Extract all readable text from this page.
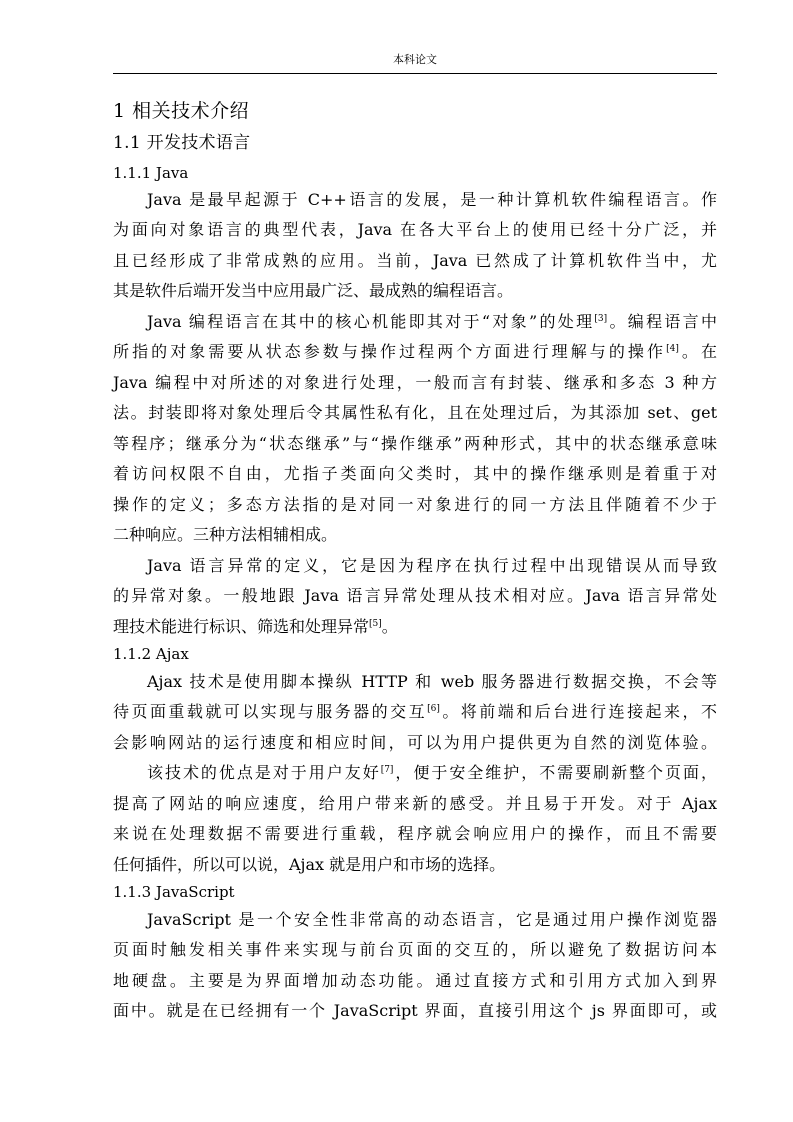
本科论文
1 相关技术介绍
1.1 开发技术语言
1.1.1 Java
Java 是最早起源于 C++语言的发展，是一种计算机软件编程语言。作
为面向对象语言的典型代表，Java 在各大平台上的使用已经十分广泛，并
且已经形成了非常成熟的应用。当前，Java 已然成了计算机软件当中，尤
其是软件后端开发当中应用最广泛、最成熟的编程语言。
Java 编程语言在其中的核心机能即其对于“对象”的处理[3]。编程语言中
所指的对象需要从状态参数与操作过程两个方面进行理解与的操作[4]。在
Java 编程中对所述的对象进行处理，一般而言有封装、继承和多态 3 种方
法。封装即将对象处理后令其属性私有化，且在处理过后，为其添加 set、get
等程序；继承分为“状态继承”与“操作继承”两种形式，其中的状态继承意味
着访问权限不自由，尤指子类面向父类时，其中的操作继承则是着重于对
操作的定义；多态方法指的是对同一对象进行的同一方法且伴随着不少于
二种响应。三种方法相辅相成。
Java 语言异常的定义，它是因为程序在执行过程中出现错误从而导致
的异常对象。一般地跟 Java 语言异常处理从技术相对应。Java 语言异常处
理技术能进行标识、筛选和处理异常[5]。
1.1.2 Ajax
Ajax 技术是使用脚本操纵 HTTP 和 web 服务器进行数据交换，不会等
待页面重载就可以实现与服务器的交互[6]。将前端和后台进行连接起来，不
会影响网站的运行速度和相应时间，可以为用户提供更为自然的浏览体验。
该技术的优点是对于用户友好[7]，便于安全维护，不需要刷新整个页面，
提高了网站的响应速度，给用户带来新的感受。并且易于开发。对于 Ajax
来说在处理数据不需要进行重载，程序就会响应用户的操作，而且不需要
任何插件，所以可以说，Ajax 就是用户和市场的选择。
1.1.3 JavaScript
JavaScript 是一个安全性非常高的动态语言，它是通过用户操作浏览器
页面时触发相关事件来实现与前台页面的交互的，所以避免了数据访问本
地硬盘。主要是为界面增加动态功能。通过直接方式和引用方式加入到界
面中。就是在已经拥有一个 JavaScript 界面，直接引用这个 js 界面即可，或
